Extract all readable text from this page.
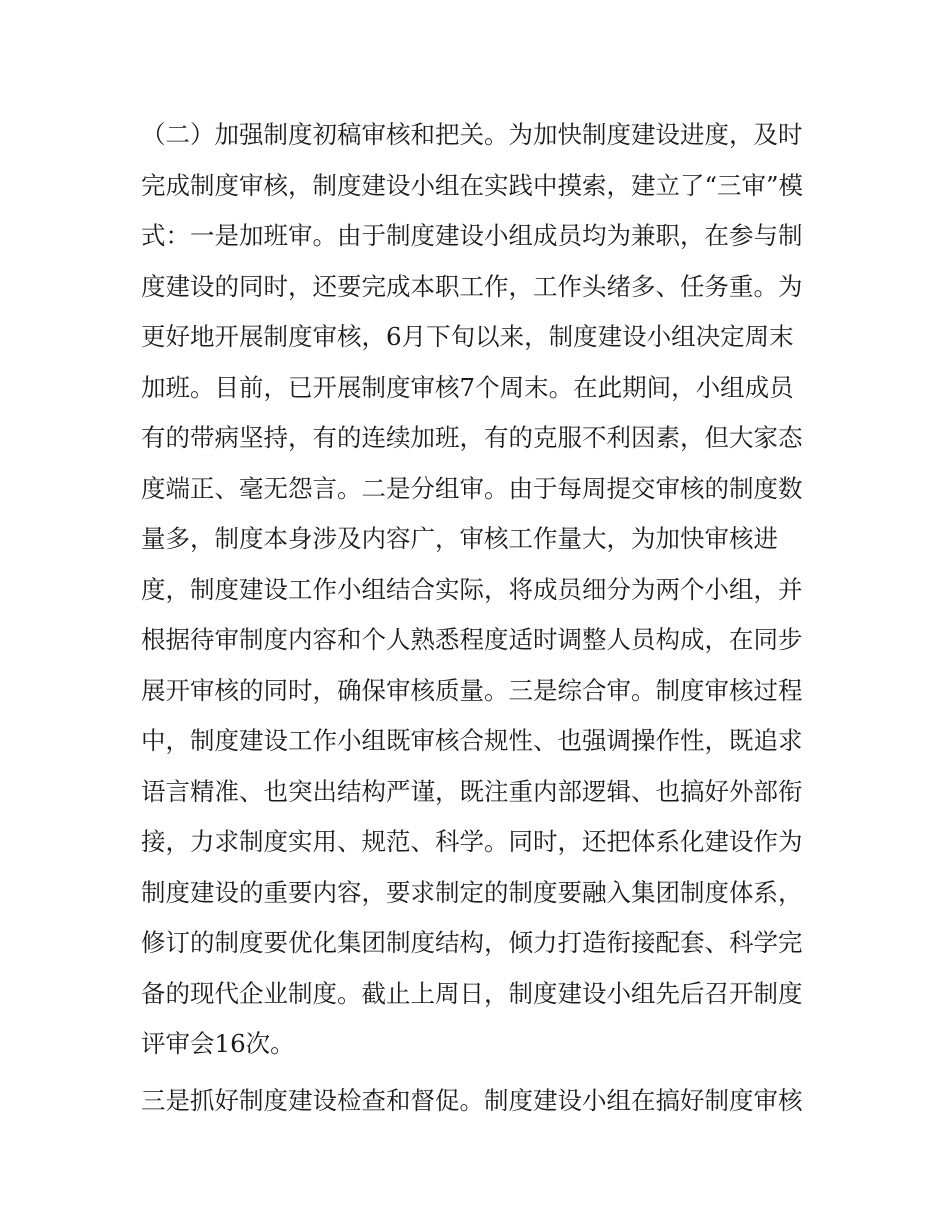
（二）加强制度初稿审核和把关。为加快制度建设进度，及时
完成制度审核，制度建设小组在实践中摸索，建立了“三审”模
式：一是加班审。由于制度建设小组成员均为兼职，在参与制
度建设的同时，还要完成本职工作，工作头绪多、任务重。为
更好地开展制度审核，6月下旬以来，制度建设小组决定周末
加班。目前，已开展制度审核7个周末。在此期间，小组成员
有的带病坚持，有的连续加班，有的克服不利因素，但大家态
度端正、毫无怨言。二是分组审。由于每周提交审核的制度数
量多，制度本身涉及内容广，审核工作量大，为加快审核进
度，制度建设工作小组结合实际，将成员细分为两个小组，并
根据待审制度内容和个人熟悉程度适时调整人员构成，在同步
展开审核的同时，确保审核质量。三是综合审。制度审核过程
中，制度建设工作小组既审核合规性、也强调操作性，既追求
语言精准、也突出结构严谨，既注重内部逻辑、也搞好外部衔
接，力求制度实用、规范、科学。同时，还把体系化建设作为
制度建设的重要内容，要求制定的制度要融入集团制度体系，
修订的制度要优化集团制度结构，倾力打造衔接配套、科学完
备的现代企业制度。截止上周日，制度建设小组先后召开制度
评审会16次。
三是抓好制度建设检查和督促。制度建设小组在搞好制度审核
